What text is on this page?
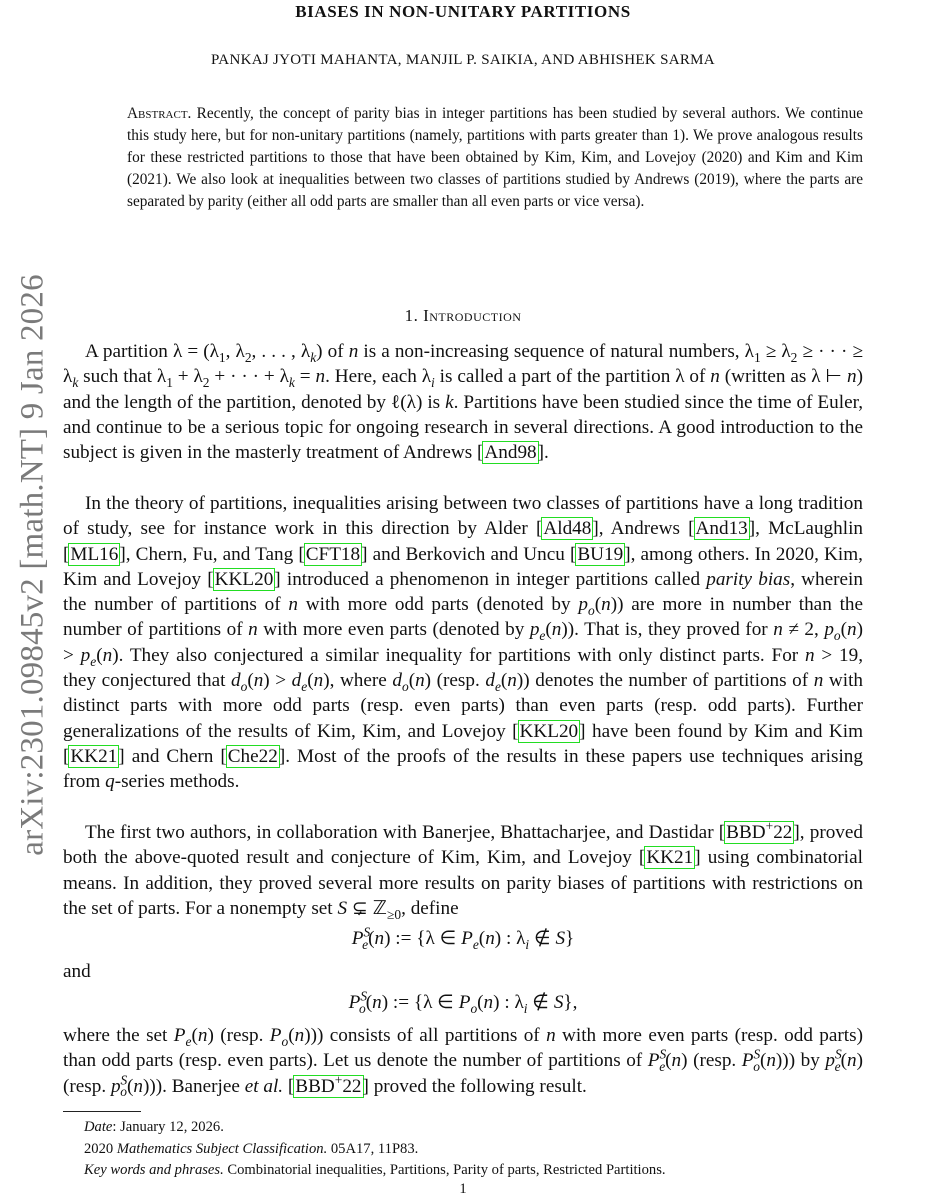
arXiv:2301.09845v2 [math.NT] 9 Jan 2026
BIASES IN NON-UNITARY PARTITIONS
PANKAJ JYOTI MAHANTA, MANJIL P. SAIKIA, AND ABHISHEK SARMA
Abstract. Recently, the concept of parity bias in integer partitions has been studied by several authors. We continue this study here, but for non-unitary partitions (namely, partitions with parts greater than 1). We prove analogous results for these restricted partitions to those that have been obtained by Kim, Kim, and Lovejoy (2020) and Kim and Kim (2021). We also look at inequalities between two classes of partitions studied by Andrews (2019), where the parts are separated by parity (either all odd parts are smaller than all even parts or vice versa).
1. Introduction

A partition $\lambda = (\lambda_1$, $\lambda_2$, . . . , $\lambda_k$) of n is a non-increasing sequence of natural numbers, $\lambda_1 \ge \lambda_2$ ≥ · · · ≥ $\lambda_k$ such that $\lambda_1 + \lambda_2$ + · · · + $\lambda_k = n$. Here, each $\lambda_i$ is called a part of the partition λ of n (written as λ ⊢ n) and the length of the partition, denoted by ℓ(λ) is k. Partitions have been studied since the time of Euler, and continue to be a serious topic for ongoing research in several directions. A good introduction to the subject is given in the masterly treatment of Andrews [And98].

In the theory of partitions, inequalities arising between two classes of partitions have a long tradition of study, see for instance work in this direction by Alder [Ald48], Andrews [And13], McLaughlin [ML16], Chern, Fu, and Tang [CFT18] and Berkovich and Uncu [BU19], among others. In 2020, Kim, Kim and Lovejoy [KKL20] introduced a phenomenon in integer partitions called parity bias, wherein the number of partitions of n with more odd parts (denoted by $p_o(n)$) are more in number than the number of partitions of n with more even parts (denoted by $p_e(n)$). That is, they proved for n ≠ 2, $p_o(n) > p_e(n)$. They also conjectured a similar inequality for partitions with only distinct parts. For n > 19, they conjectured that $d_o(n) > d_e(n)$, where $d_o(n)$ (resp. $d_e(n)$) denotes the number of partitions of n with distinct parts with more odd parts (resp. even parts) than even parts (resp. odd parts). Further generalizations of the results of Kim, Kim, and Lovejoy [KKL20] have been found by Kim and Kim [KK21] and Chern [Che22]. Most of the proofs of the results in these papers use techniques arising from q-series methods.

The first two authors, in collaboration with Banerjee, Bhattacharjee, and Dastidar [BBD+22], proved both the above-quoted result and conjecture of Kim, Kim, and Lovejoy [KK21] using combinatorial means. In addition, they proved several more results on parity biases of partitions with restrictions on the set of parts. For a nonempty set S ⊊ ℤ$_{\ge 0}$, define

$P^S_e(n)$ := {λ ∈ $P_e(n)$ : $\lambda_i$ ∉ S}
and
$P^S_o(n)$ := {λ ∈ $P_o(n)$ : $\lambda_i$ ∉ S},

where the set $P_e(n)$ (resp. $P_o(n)$)) consists of all partitions of n with more even parts (resp. odd parts) than odd parts (resp. even parts). Let us denote the number of partitions of $P^S_e(n)$ (resp. $P^S_o(n)$)) by $p^S_e(n)$ (resp. $p^S_o(n)$)). Banerjee et al. [BBD+22] proved the following result.

Date: January 12, 2026.
2020 Mathematics Subject Classification. 05A17, 11P83.
Key words and phrases. Combinatorial inequalities, Partitions, Parity of parts, Restricted Partitions.
1
